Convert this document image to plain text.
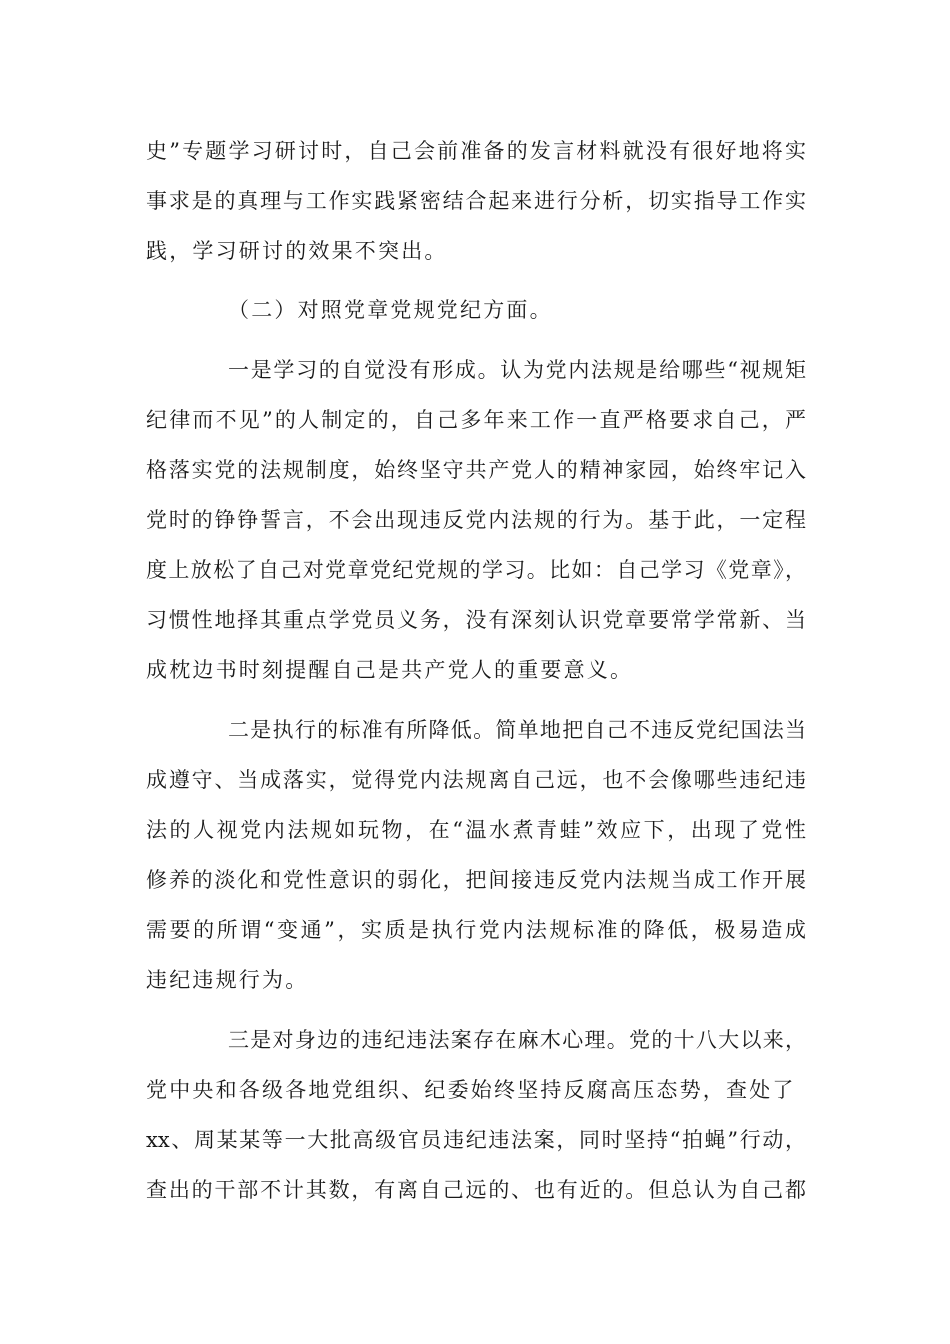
史”专题学习研讨时，自己会前准备的发言材料就没有很好地将实
事求是的真理与工作实践紧密结合起来进行分析，切实指导工作实
践，学习研讨的效果不突出。
（二）对照党章党规党纪方面。
一是学习的自觉没有形成。认为党内法规是给哪些“视规矩
纪律而不见”的人制定的，自己多年来工作一直严格要求自己，严
格落实党的法规制度，始终坚守共产党人的精神家园，始终牢记入
党时的铮铮誓言，不会出现违反党内法规的行为。基于此，一定程
度上放松了自己对党章党纪党规的学习。比如：自己学习《党章》，
习惯性地择其重点学党员义务，没有深刻认识党章要常学常新、当
成枕边书时刻提醒自己是共产党人的重要意义。
二是执行的标准有所降低。简单地把自己不违反党纪国法当
成遵守、当成落实，觉得党内法规离自己远，也不会像哪些违纪违
法的人视党内法规如玩物，在“温水煮青蛙”效应下，出现了党性
修养的淡化和党性意识的弱化，把间接违反党内法规当成工作开展
需要的所谓“变通”，实质是执行党内法规标准的降低，极易造成
违纪违规行为。
三是对身边的违纪违法案存在麻木心理。党的十八大以来，
党中央和各级各地党组织、纪委始终坚持反腐高压态势，查处了
xx、周某某等一大批高级官员违纪违法案，同时坚持“拍蝇”行动，
查出的干部不计其数，有离自己远的、也有近的。但总认为自己都
